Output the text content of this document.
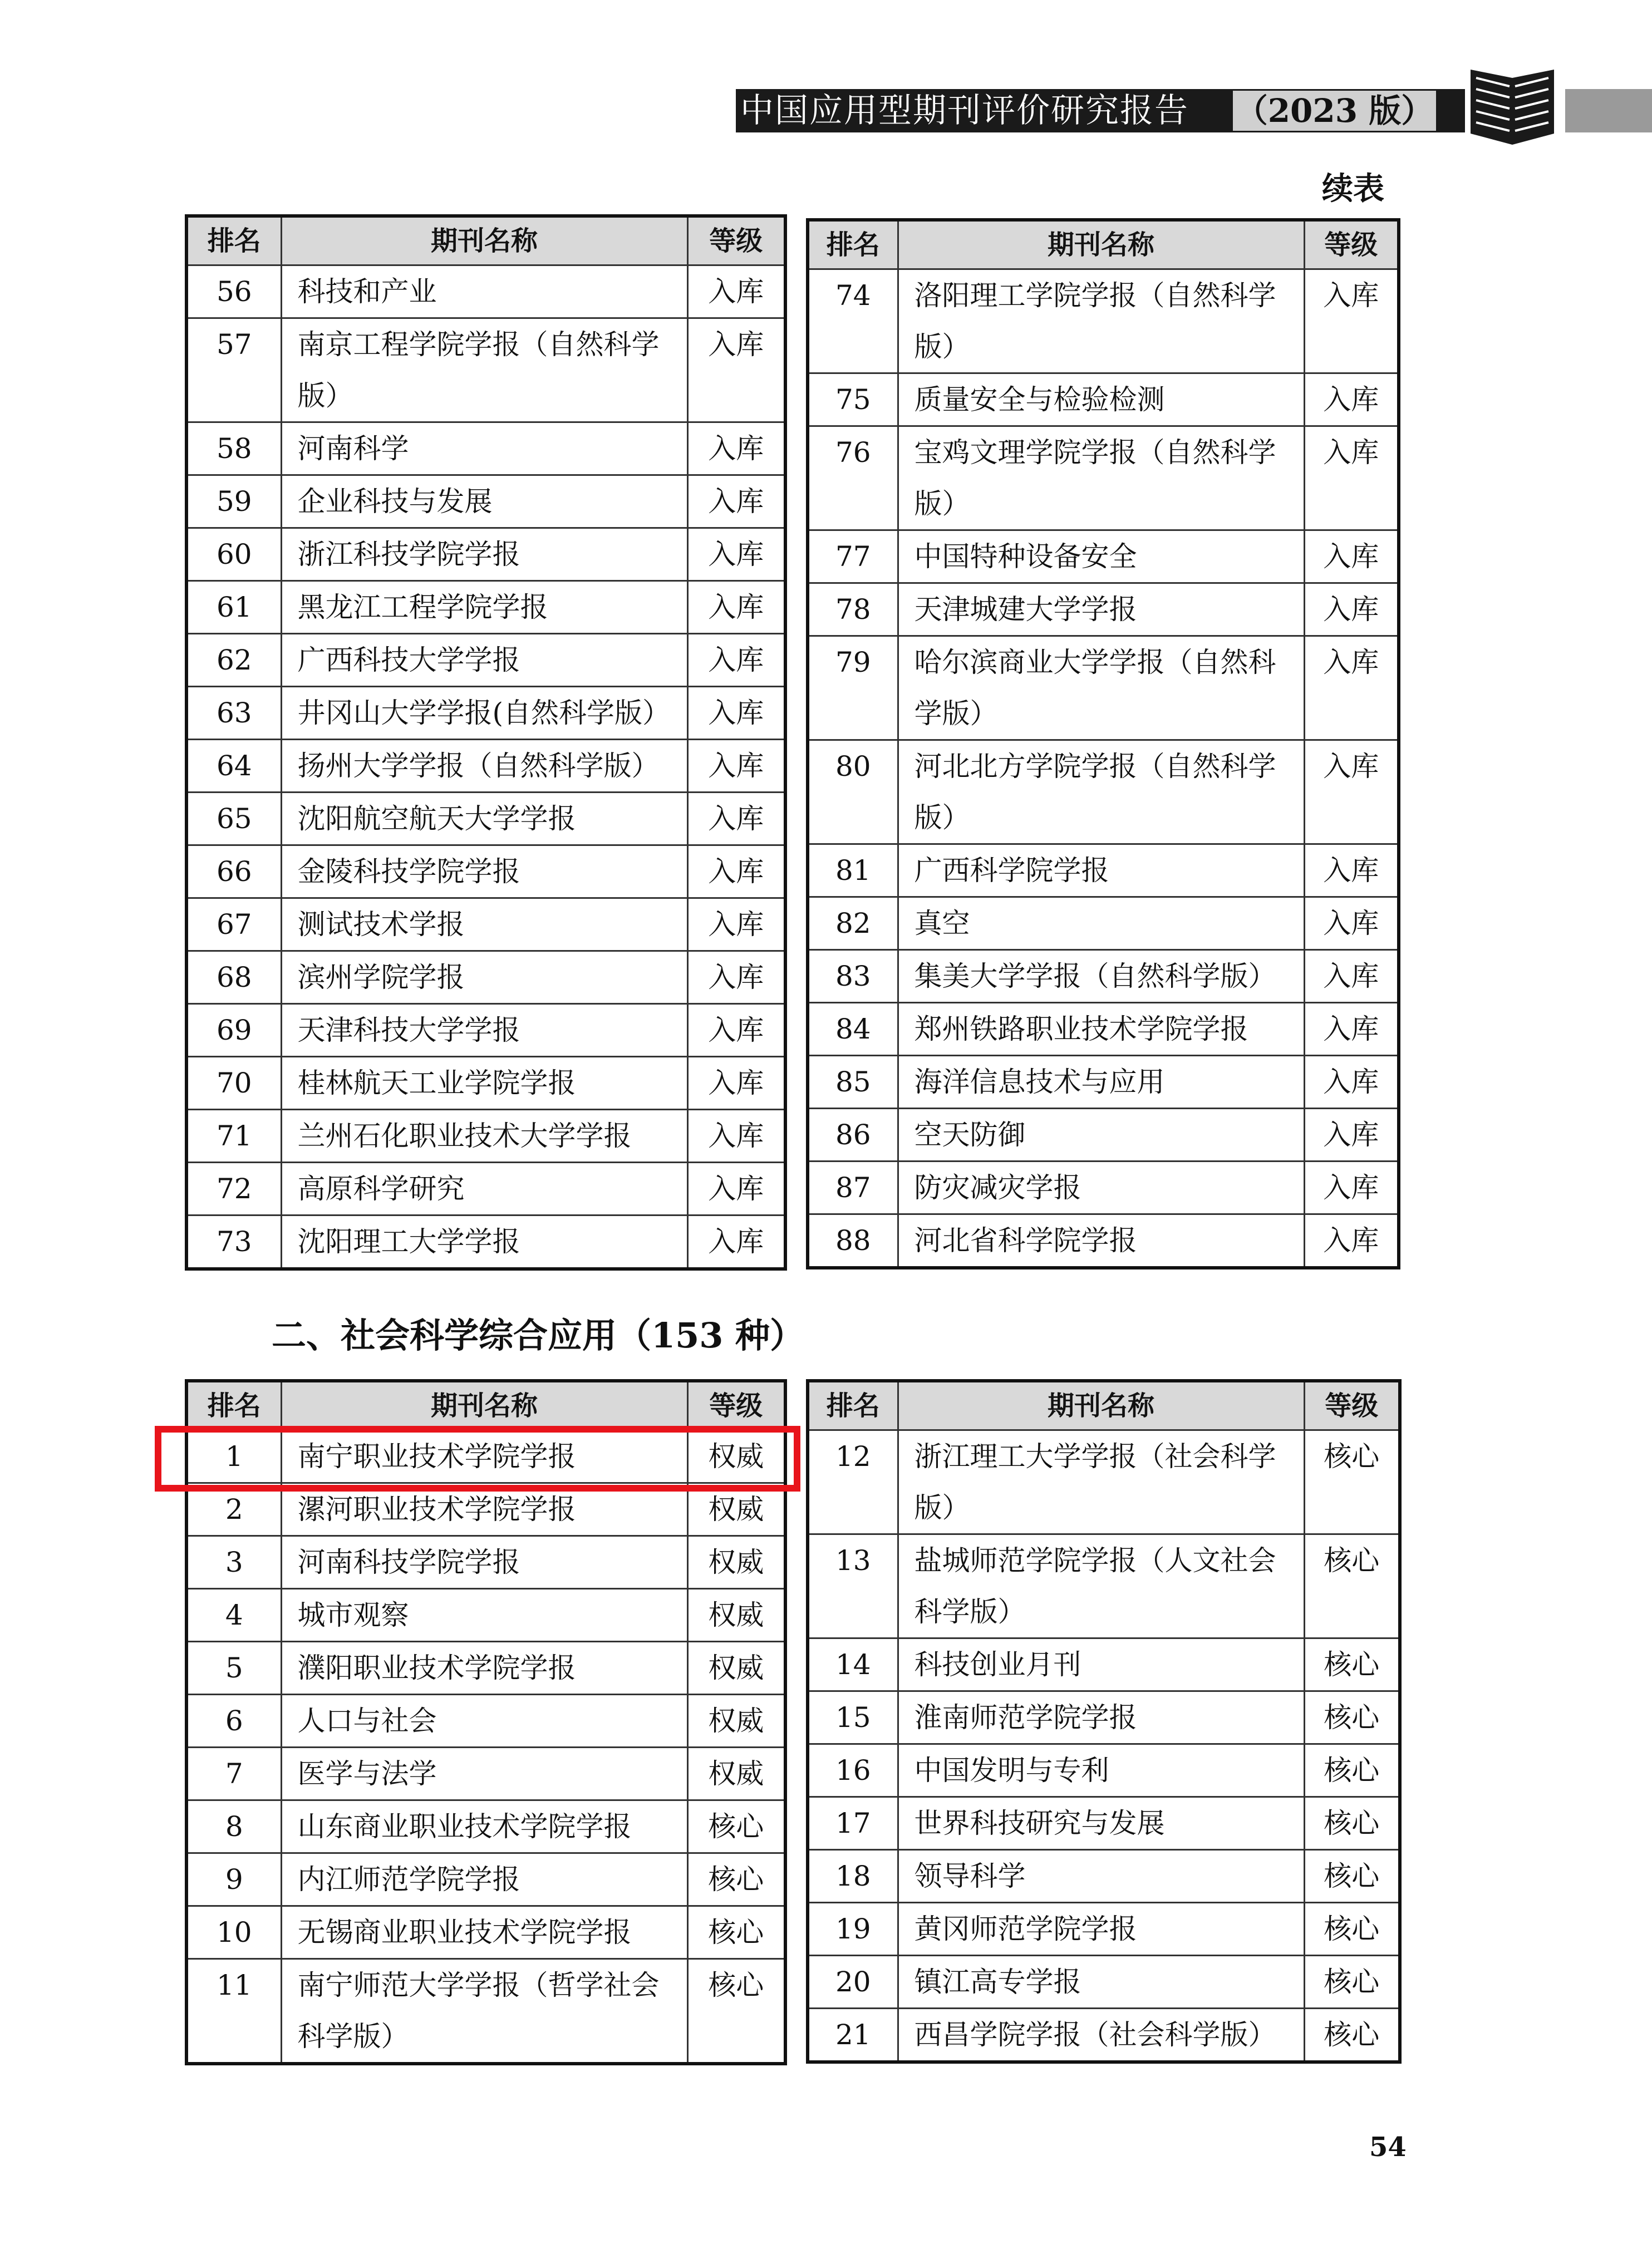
中国应用型期刊评价研究报告 （2023 版）
续表
排名	期刊名称	等级
56	科技和产业	入库
57	南京工程学院学报（自然科学版）	入库
58	河南科学	入库
59	企业科技与发展	入库
60	浙江科技学院学报	入库
61	黑龙江工程学院学报	入库
62	广西科技大学学报	入库
63	井冈山大学学报(自然科学版）	入库
64	扬州大学学报（自然科学版）	入库
65	沈阳航空航天大学学报	入库
66	金陵科技学院学报	入库
67	测试技术学报	入库
68	滨州学院学报	入库
69	天津科技大学学报	入库
70	桂林航天工业学院学报	入库
71	兰州石化职业技术大学学报	入库
72	高原科学研究	入库
73	沈阳理工大学学报	入库
排名	期刊名称	等级
74	洛阳理工学院学报（自然科学版）	入库
75	质量安全与检验检测	入库
76	宝鸡文理学院学报（自然科学版）	入库
77	中国特种设备安全	入库
78	天津城建大学学报	入库
79	哈尔滨商业大学学报（自然科学版）	入库
80	河北北方学院学报（自然科学版）	入库
81	广西科学院学报	入库
82	真空	入库
83	集美大学学报（自然科学版）	入库
84	郑州铁路职业技术学院学报	入库
85	海洋信息技术与应用	入库
86	空天防御	入库
87	防灾减灾学报	入库
88	河北省科学院学报	入库
二、社会科学综合应用（153 种）
排名	期刊名称	等级
1	南宁职业技术学院学报	权威
2	漯河职业技术学院学报	权威
3	河南科技学院学报	权威
4	城市观察	权威
5	濮阳职业技术学院学报	权威
6	人口与社会	权威
7	医学与法学	权威
8	山东商业职业技术学院学报	核心
9	内江师范学院学报	核心
10	无锡商业职业技术学院学报	核心
11	南宁师范大学学报（哲学社会科学版）	核心
排名	期刊名称	等级
12	浙江理工大学学报（社会科学版）	核心
13	盐城师范学院学报（人文社会科学版）	核心
14	科技创业月刊	核心
15	淮南师范学院学报	核心
16	中国发明与专利	核心
17	世界科技研究与发展	核心
18	领导科学	核心
19	黄冈师范学院学报	核心
20	镇江高专学报	核心
21	西昌学院学报（社会科学版）	核心
54
